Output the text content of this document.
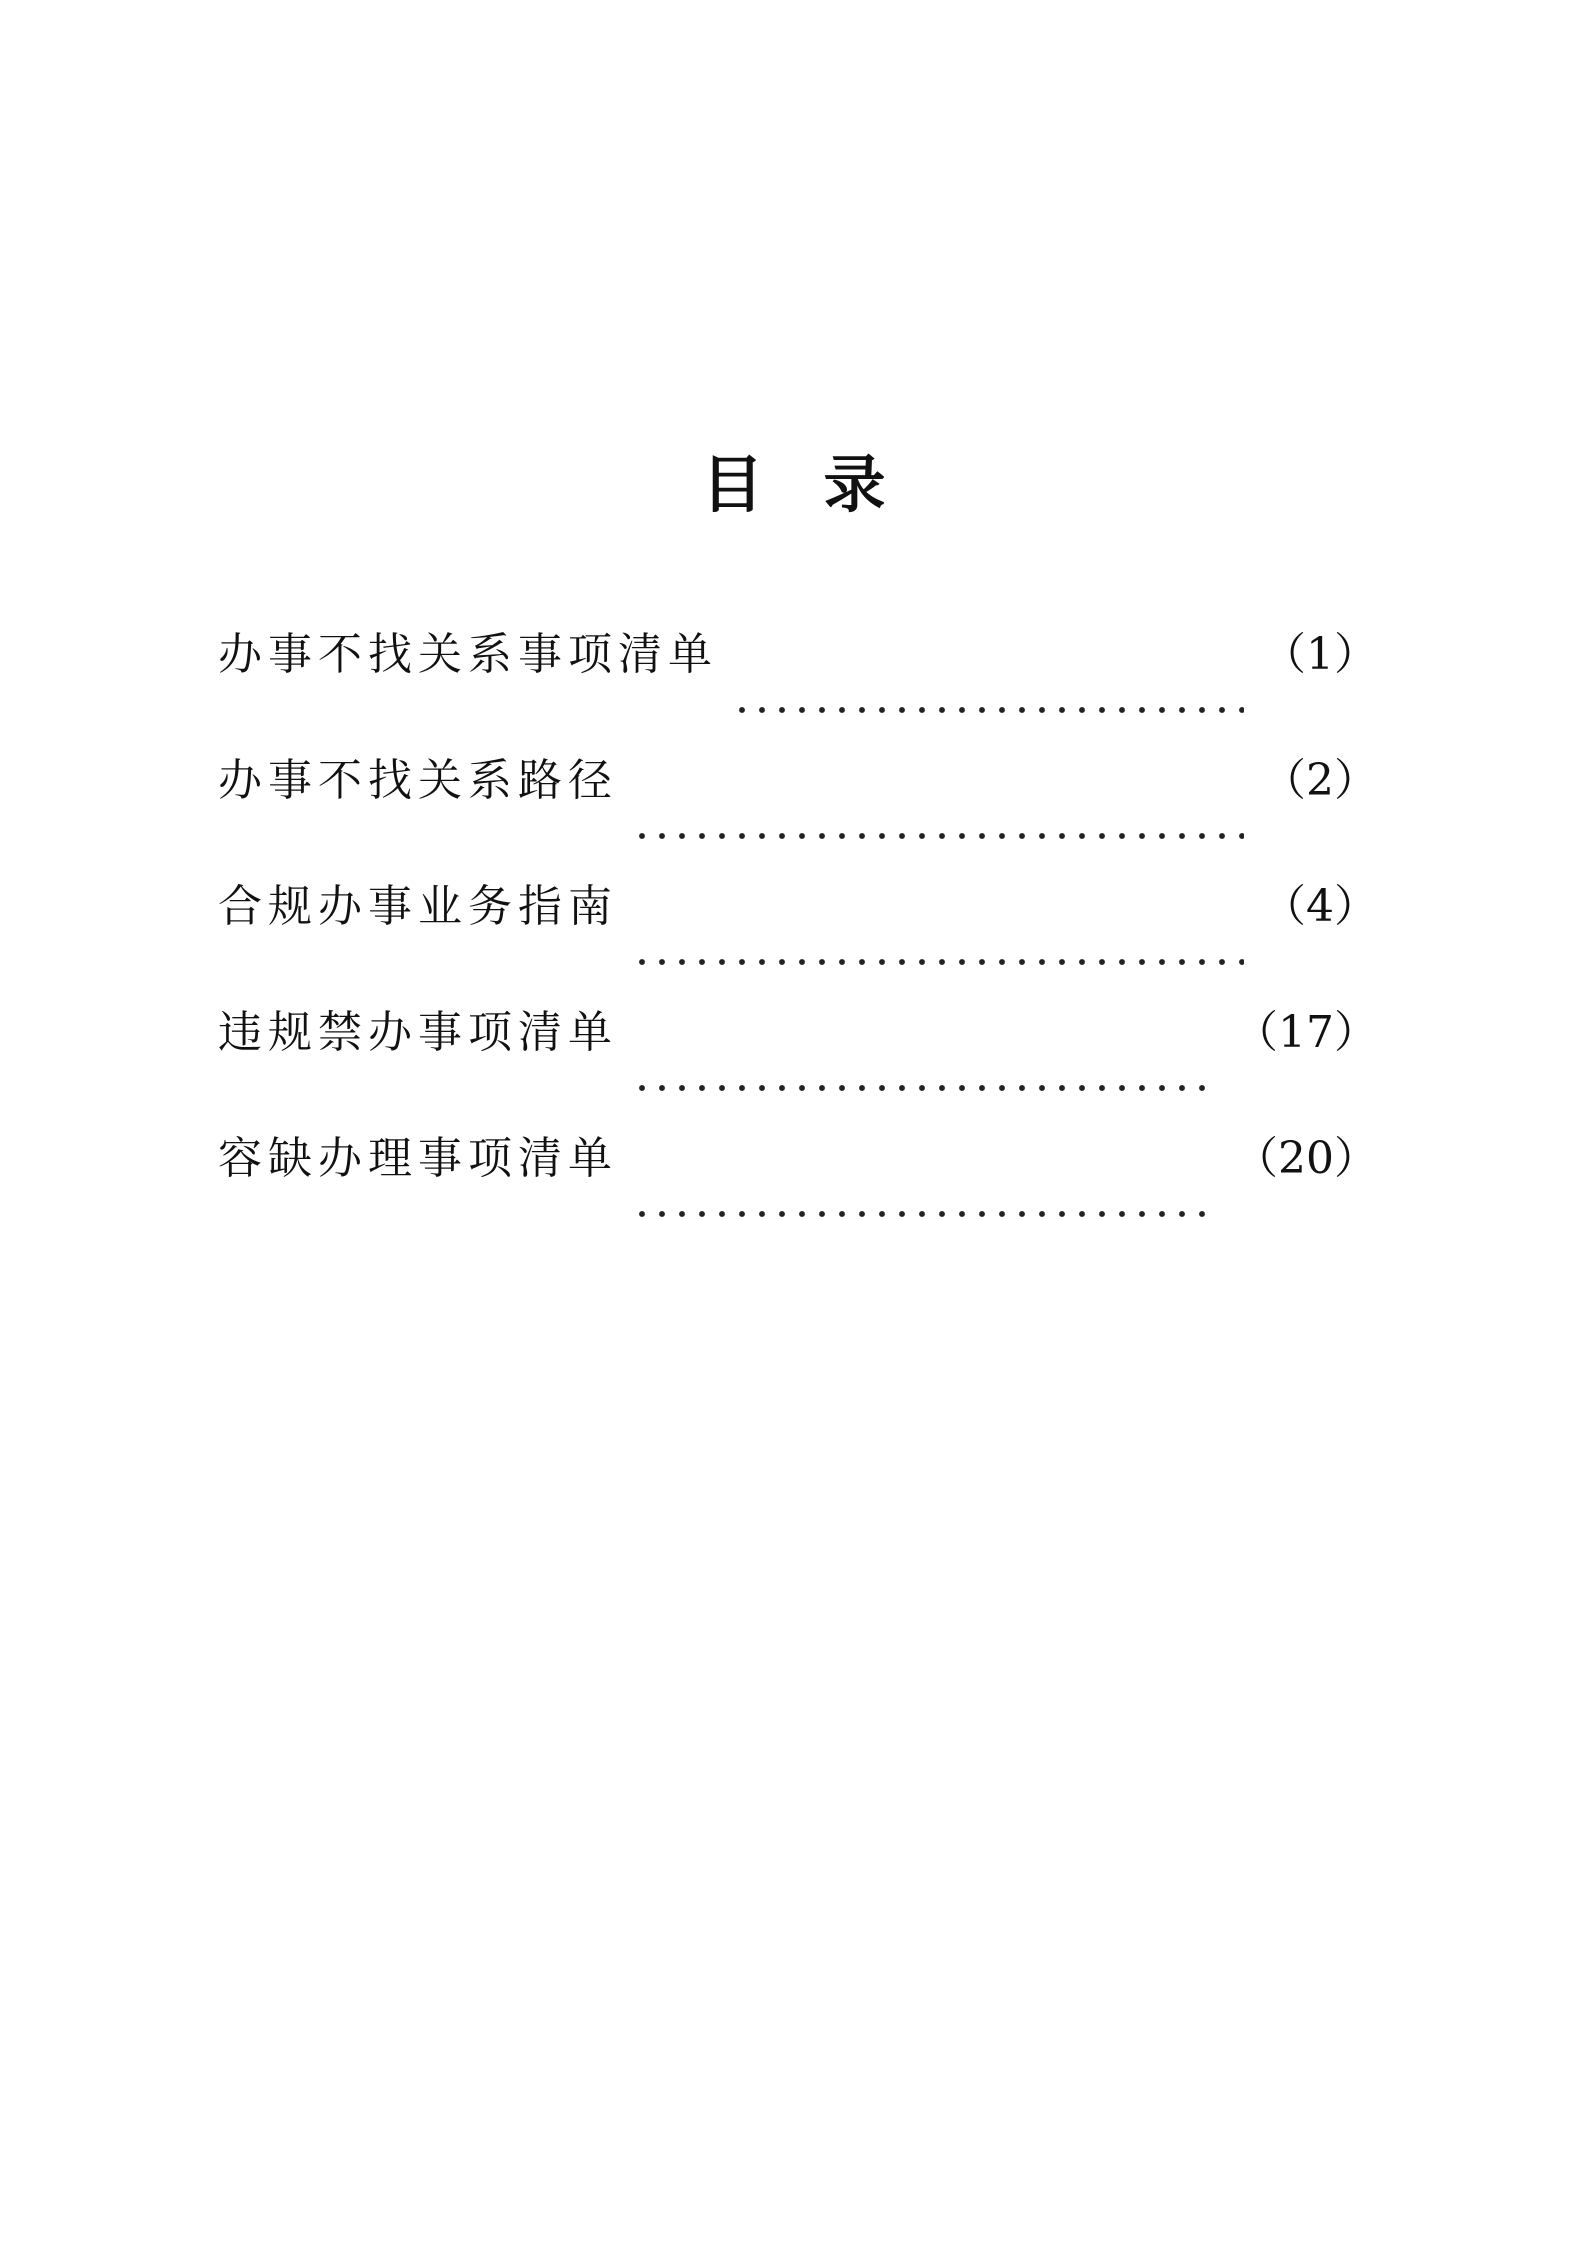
目录
办事不找关系事项清单	（1）
办事不找关系路径	（2）
合规办事业务指南	（4）
违规禁办事项清单	（17）
容缺办理事项清单	（20）
